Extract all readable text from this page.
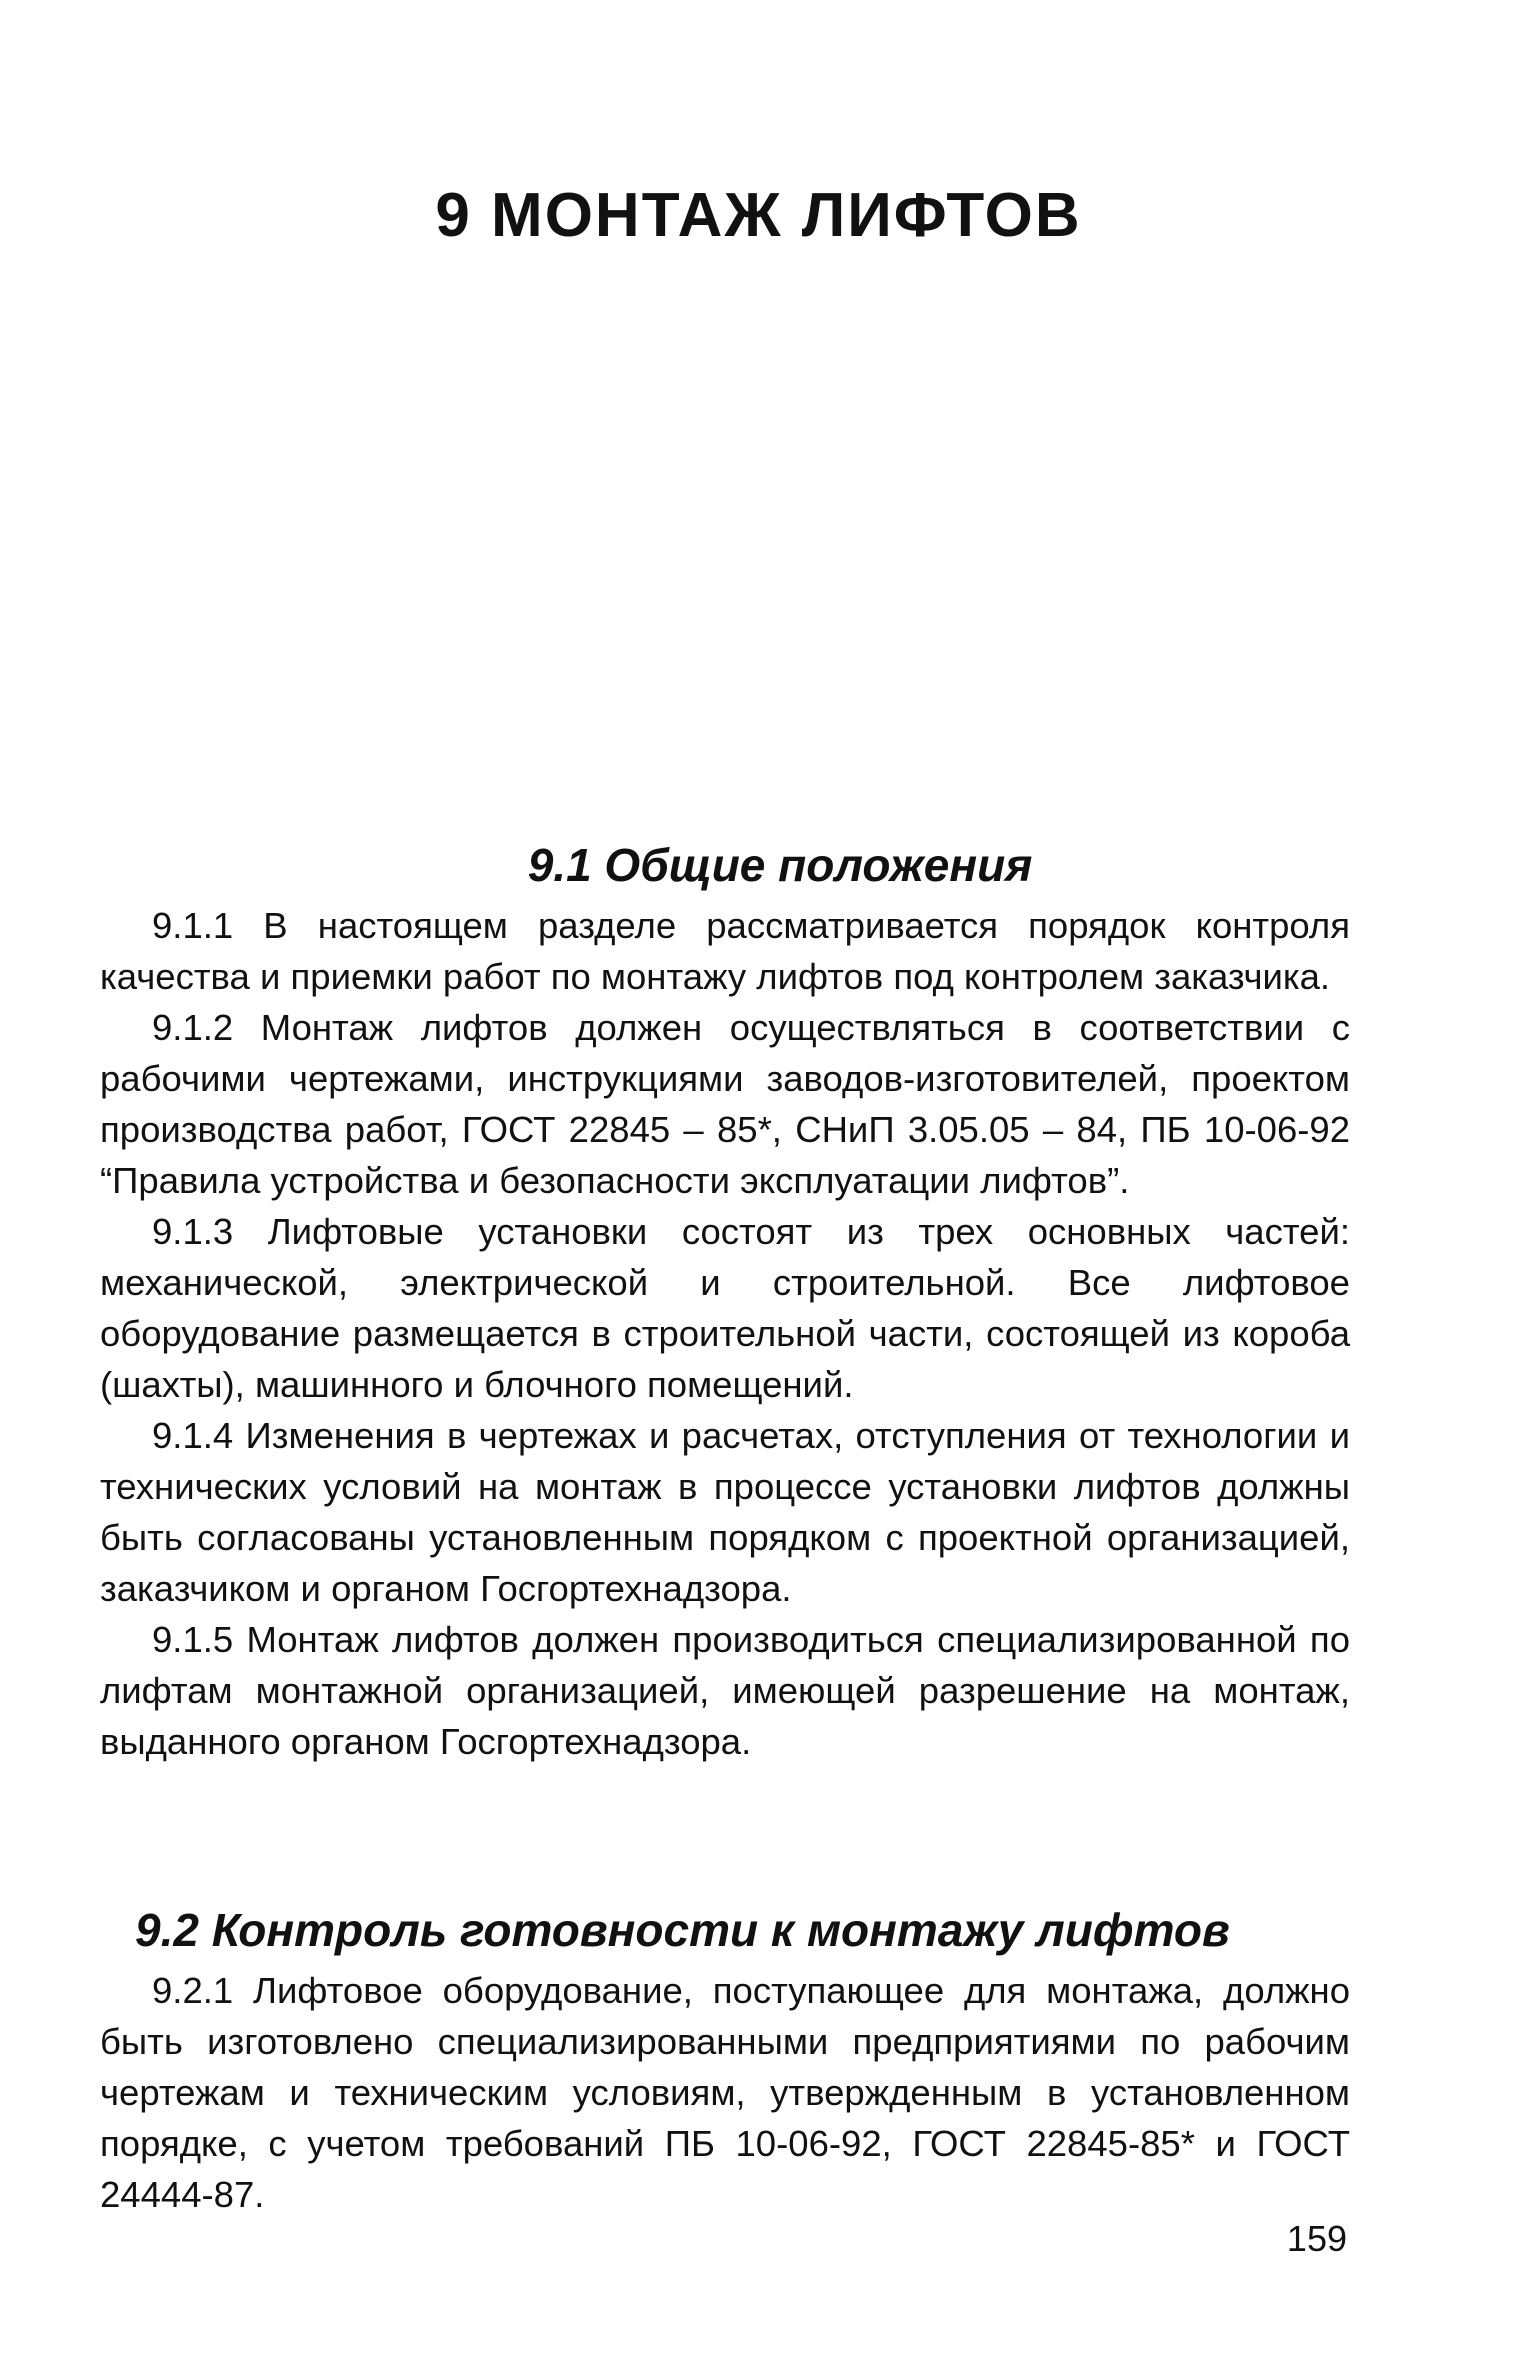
9 МОНТАЖ ЛИФТОВ
9.1 Общие положения

9.1.1 В настоящем разделе рассматривается порядок контроля качества и приемки работ по монтажу лифтов под контролем заказчика.

9.1.2 Монтаж лифтов должен осуществляться в соответствии с рабочими чертежами, инструкциями заводов-изготовителей, проектом производства работ, ГОСТ 22845 – 85*, СНиП 3.05.05 – 84, ПБ 10-06-92 “Правила устройства и безопасности эксплуатации лифтов”.

9.1.3 Лифтовые установки состоят из трех основных частей: механической, электрической и строительной. Все лифтовое оборудование размещается в строительной части, состоящей из короба (шахты), машинного и блочного помещений.

9.1.4 Изменения в чертежах и расчетах, отступления от технологии и технических условий на монтаж в процессе установки лифтов должны быть согласованы установленным порядком с проектной организацией, заказчиком и органом Госгортехнадзора.

9.1.5 Монтаж лифтов должен производиться специализированной по лифтам монтажной организацией, имеющей разрешение на монтаж, выданного органом Госгортехнадзора.

9.2 Контроль готовности к монтажу лифтов

9.2.1 Лифтовое оборудование, поступающее для монтажа, должно быть изготовлено специализированными предприятиями по рабочим чертежам и техническим условиям, утвержденным в установленном порядке, с учетом требований ПБ 10-06-92, ГОСТ 22845-85* и ГОСТ 24444-87.

159
